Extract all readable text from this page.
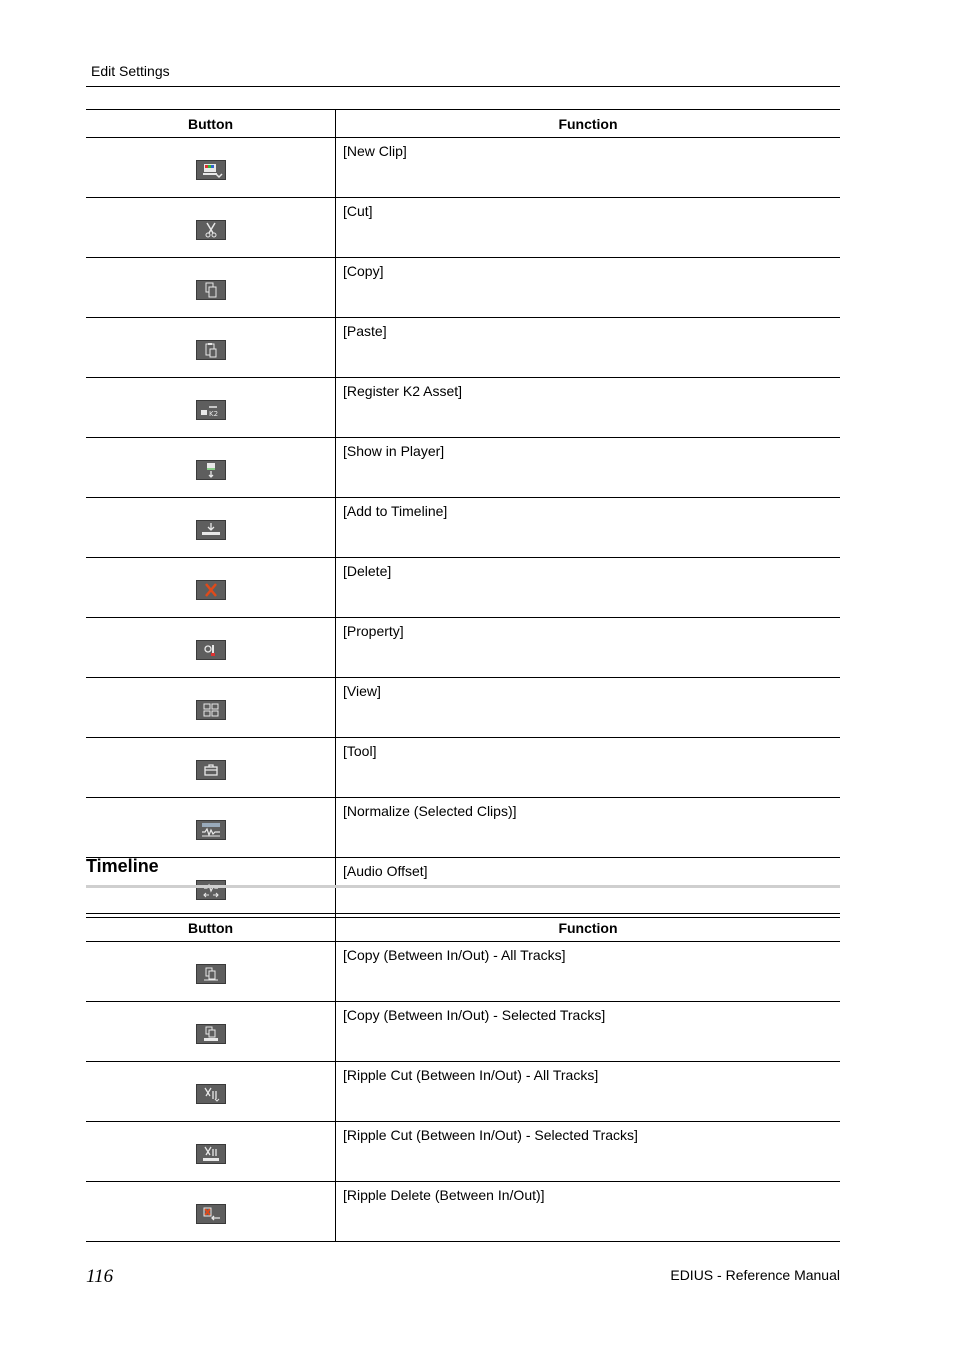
Edit Settings
Button	Function

	[New Clip]

	[Cut]

	[Copy]

	[Paste]

K2	[Register K2 Asset]

	[Show in Player]

	[Add to Timeline]

	[Delete]

	[Property]

	[View]

	[Tool]

	[Normalize (Selected Clips)]

	[Audio Offset]
Timeline
Button	Function

	[Copy (Between In/Out) - All Tracks]

	[Copy (Between In/Out) - Selected Tracks]

	[Ripple Cut (Between In/Out) - All Tracks]

	[Ripple Cut (Between In/Out) - Selected Tracks]

	[Ripple Delete (Between In/Out)]
116	EDIUS - Reference Manual
